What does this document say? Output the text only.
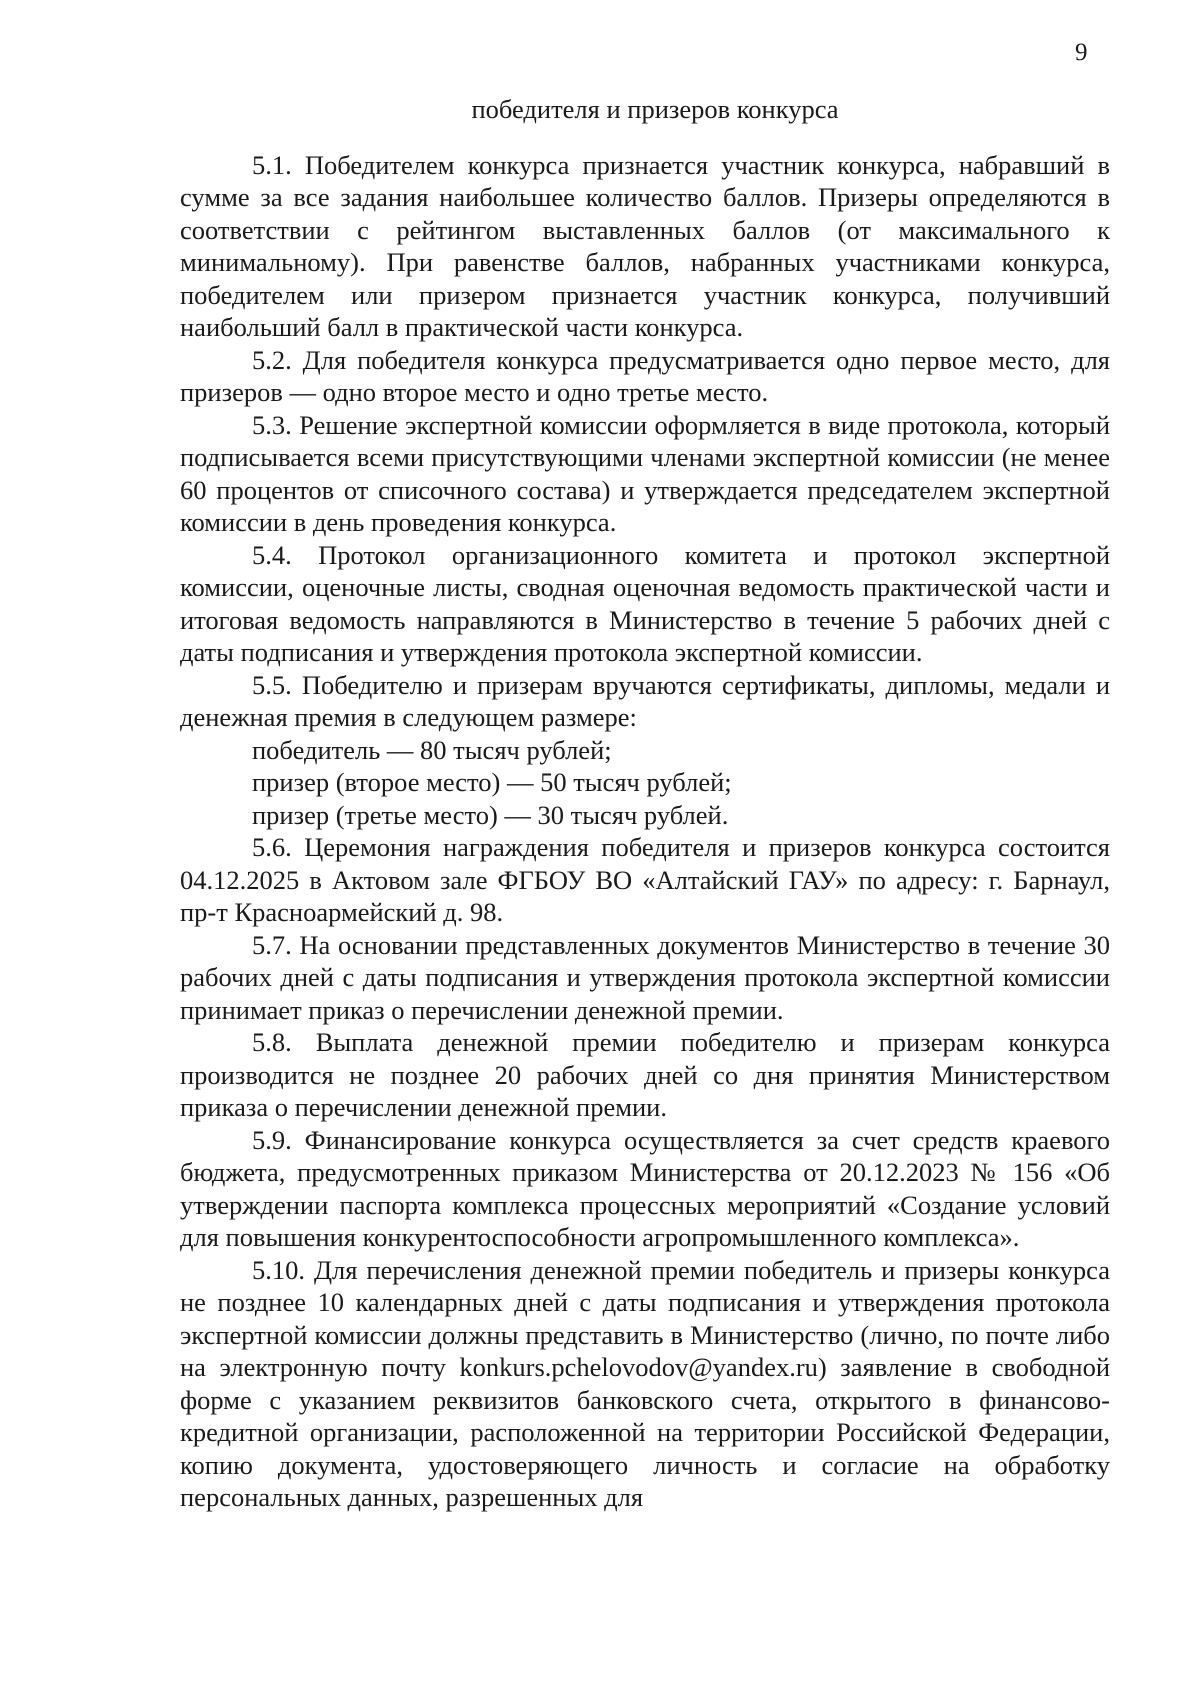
9

победителя и призеров конкурса

5.1. Победителем конкурса признается участник конкурса, набравший в сумме за все задания наибольшее количество баллов. Призеры определяются в соответствии с рейтингом выставленных баллов (от максимального к минимальному). При равенстве баллов, набранных участниками конкурса, победителем или призером признается участник конкурса, получивший наибольший балл в практической части конкурса.

5.2. Для победителя конкурса предусматривается одно первое место, для призеров — одно второе место и одно третье место.

5.3. Решение экспертной комиссии оформляется в виде протокола, который подписывается всеми присутствующими членами экспертной комиссии (не менее 60 процентов от списочного состава) и утверждается председателем экспертной комиссии в день проведения конкурса.

5.4. Протокол организационного комитета и протокол экспертной комиссии, оценочные листы, сводная оценочная ведомость практической части и итоговая ведомость направляются в Министерство в течение 5 рабочих дней с даты подписания и утверждения протокола экспертной комиссии.

5.5. Победителю и призерам вручаются сертификаты, дипломы, медали и денежная премия в следующем размере:

победитель — 80 тысяч рублей;
призер (второе место) — 50 тысяч рублей;
призер (третье место) — 30 тысяч рублей.

5.6. Церемония награждения победителя и призеров конкурса состоится 04.12.2025 в Актовом зале ФГБОУ ВО «Алтайский ГАУ» по адресу: г. Барнаул, пр-т Красноармейский д. 98.

5.7. На основании представленных документов Министерство в течение 30 рабочих дней с даты подписания и утверждения протокола экспертной комиссии принимает приказ о перечислении денежной премии.

5.8. Выплата денежной премии победителю и призерам конкурса производится не позднее 20 рабочих дней со дня принятия Министерством приказа о перечислении денежной премии.

5.9. Финансирование конкурса осуществляется за счет средств краевого бюджета, предусмотренных приказом Министерства от 20.12.2023 № 156 «Об утверждении паспорта комплекса процессных мероприятий «Создание условий для повышения конкурентоспособности агропромышленного комплекса».

5.10. Для перечисления денежной премии победитель и призеры конкурса не позднее 10 календарных дней с даты подписания и утверждения протокола экспертной комиссии должны представить в Министерство (лично, по почте либо на электронную почту konkurs.pchelovodov@yandex.ru) заявление в свободной форме с указанием реквизитов банковского счета, открытого в финансово-кредитной организации, расположенной на территории Российской Федерации, копию документа, удостоверяющего личность и согласие на обработку персональных данных, разрешенных для
